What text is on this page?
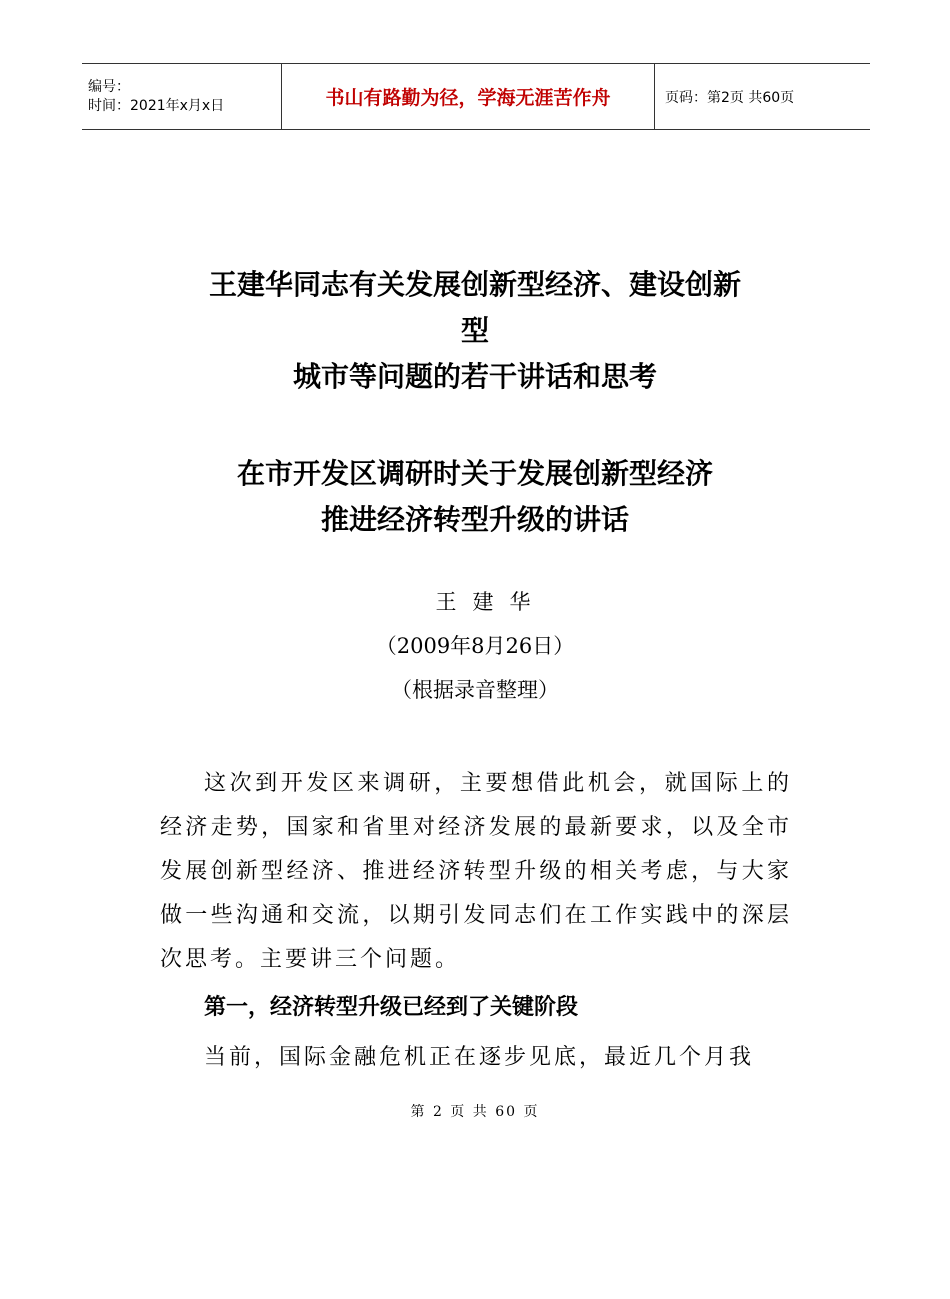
编号：
时间：2021年x月x日	书山有路勤为径，学海无涯苦作舟	页码：第2页 共60页
王建华同志有关发展创新型经济、建设创新
型
城市等问题的若干讲话和思考
在市开发区调研时关于发展创新型经济
推进经济转型升级的讲话
王建华
（2009年8月26日）
（根据录音整理）
这次到开发区来调研，主要想借此机会，就国际上的经济走势，国家和省里对经济发展的最新要求，以及全市发展创新型经济、推进经济转型升级的相关考虑，与大家做一些沟通和交流，以期引发同志们在工作实践中的深层次思考。主要讲三个问题。
第一，经济转型升级已经到了关键阶段
当前，国际金融危机正在逐步见底，最近几个月我
第 2 页 共 60 页
